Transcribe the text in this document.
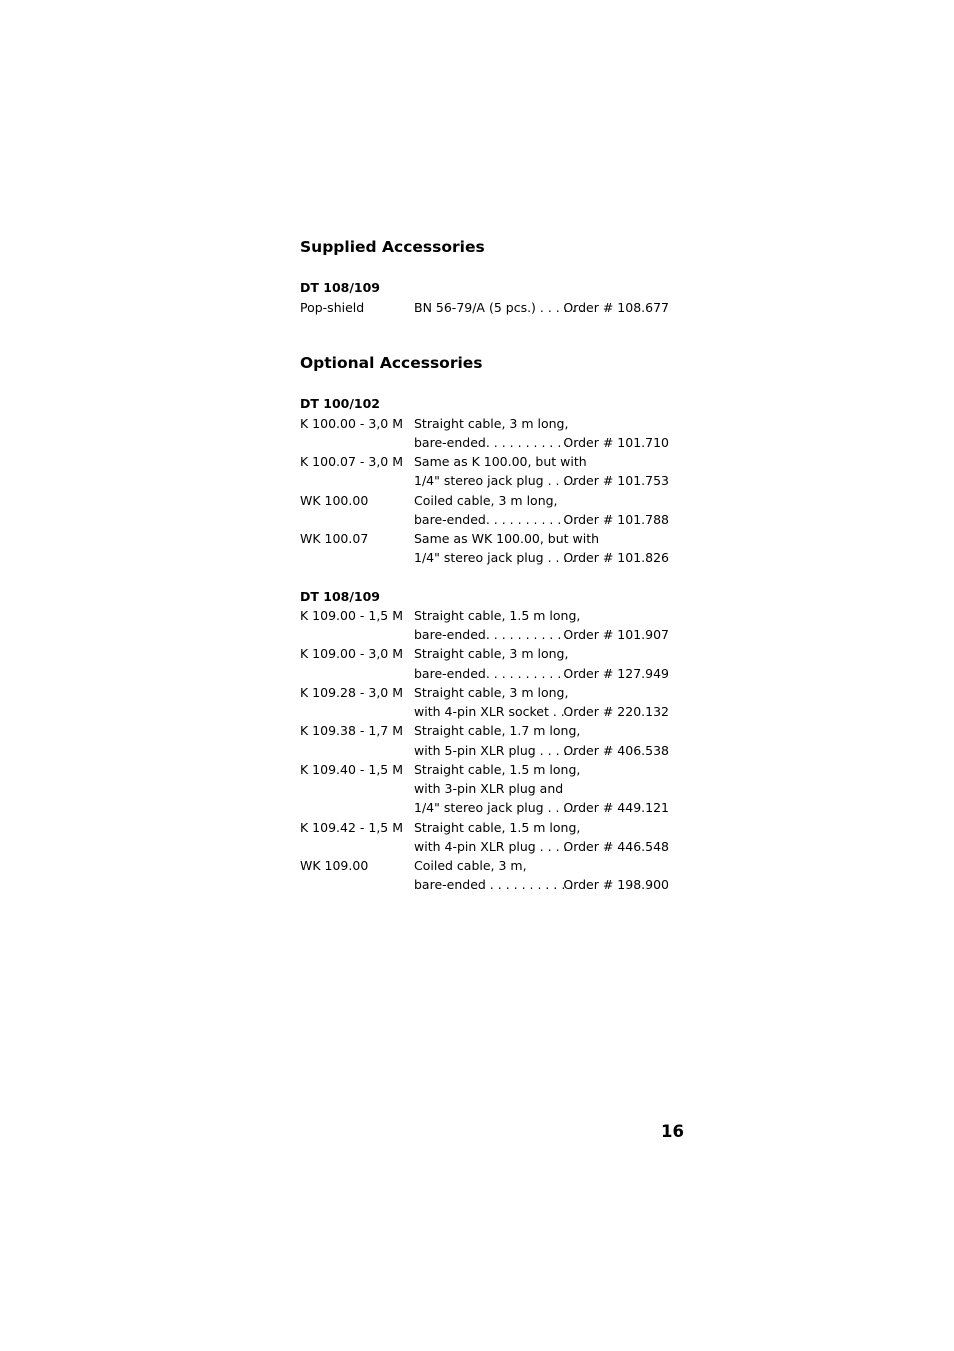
Supplied Accessories
DT 108/109
Pop-shield	BN 56-79/A (5 pcs.) . . . . . .
Order # 108.677
Optional Accessories
DT 100/102
K 100.00 - 3,0 M Straight cable, 3 m long,
bare-ended. . . . . . . . . . . .
Order # 101.710
K 100.07 - 3,0 M Same as K 100.00, but with
1/4" stereo jack plug . . . .
Order # 101.753
WK 100.00	Coiled cable, 3 m long,
bare-ended. . . . . . . . . . . .
Order # 101.788
WK 100.07	Same as WK 100.00, but with
1/4" stereo jack plug . . . .
Order # 101.826
DT 108/109
K 109.00 - 1,5 M Straight cable, 1.5 m long,
bare-ended. . . . . . . . . . . .
Order # 101.907
K 109.00 - 3,0 M Straight cable, 3 m long,
bare-ended. . . . . . . . . . . .
Order # 127.949
K 109.28 - 3,0 M Straight cable, 3 m long,
with 4-pin XLR socket . . .
Order # 220.132
K 109.38 - 1,7 M Straight cable, 1.7 m long,
with 5-pin XLR plug . . . . .
Order # 406.538
K 109.40 - 1,5 M Straight cable, 1.5 m long,
with 3-pin XLR plug and
1/4" stereo jack plug . . . .
Order # 449.121
K 109.42 - 1,5 M Straight cable, 1.5 m long,
with 4-pin XLR plug . . . .
Order # 446.548
WK 109.00	Coiled cable, 3 m,
bare-ended . . . . . . . . . . .
Order # 198.900
16
